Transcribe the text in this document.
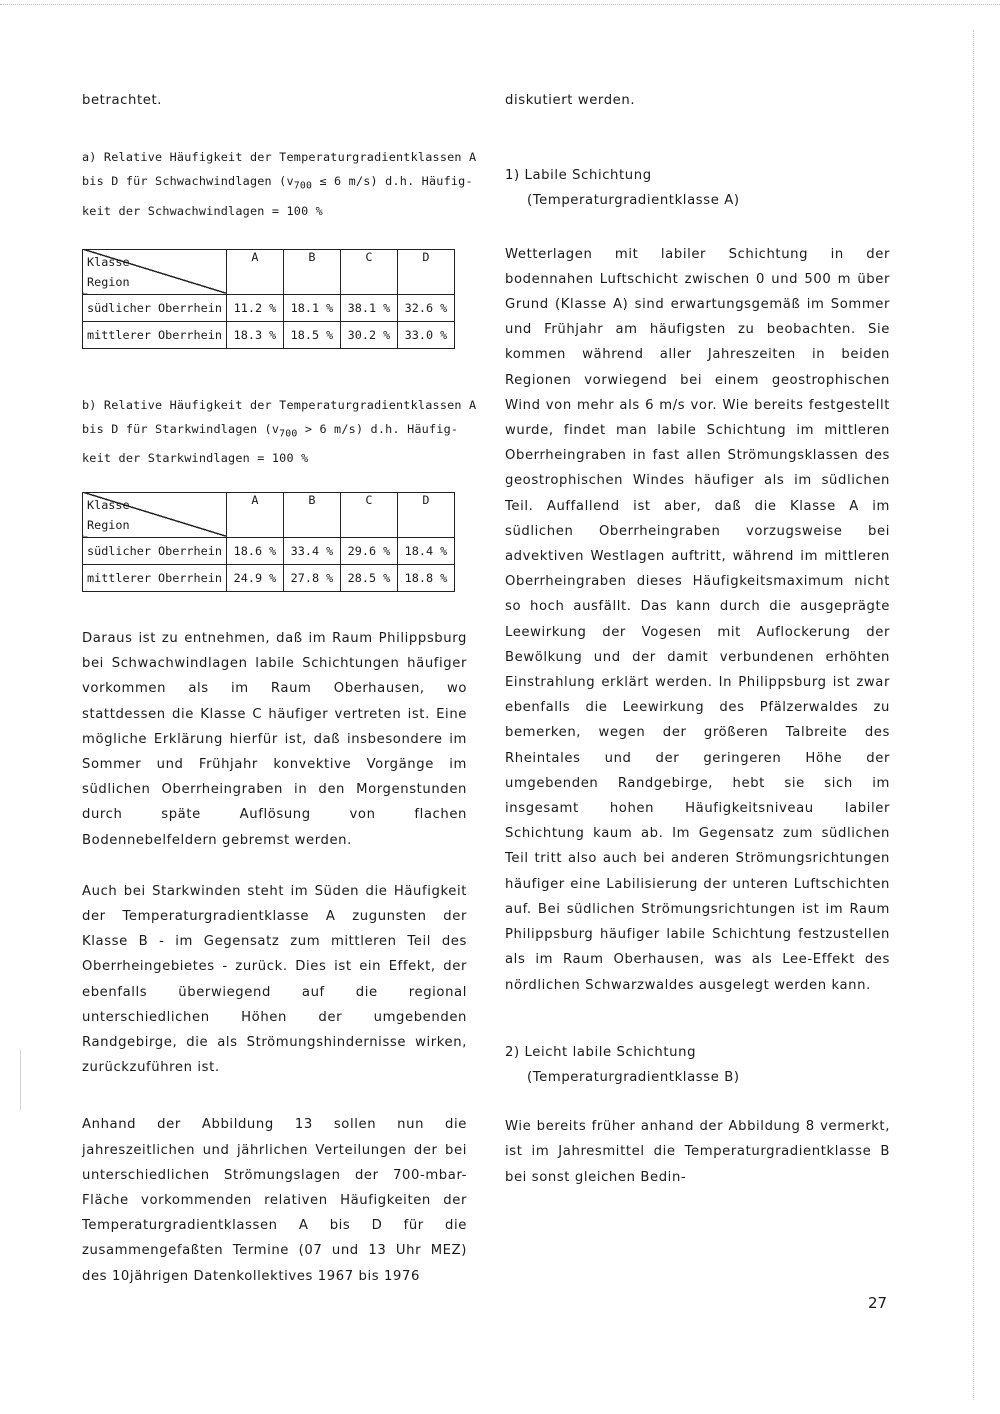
betrachtet.

a) Relative Häufigkeit der Temperaturgradientklassen A
bis D für Schwachwindlagen ($v_{700} \le 6$ m/s) d.h. Häufig-
keit der Schwachwindlagen = 100 %
Klasse
Region	A	B	C	D
südlicher Oberrhein	11.2 %	18.1 %	38.1 %	32.6 %
mittlerer Oberrhein	18.3 %	18.5 %	30.2 %	33.0 %
b) Relative Häufigkeit der Temperaturgradientklassen A
bis D für Starkwindlagen ($v_{700} > 6$ m/s) d.h. Häufig-
keit der Starkwindlagen = 100 %
Klasse
Region	A	B	C	D
südlicher Oberrhein	18.6 %	33.4 %	29.6 %	18.4 %
mittlerer Oberrhein	24.9 %	27.8 %	28.5 %	18.8 %

Daraus ist zu entnehmen, daß im Raum Philippsburg bei Schwachwindlagen labile Schichtungen häufiger vorkommen als im Raum Oberhausen, wo stattdessen die Klasse C häufiger vertreten ist. Eine mögliche Erklärung hierfür ist, daß insbesondere im Sommer und Frühjahr konvektive Vorgänge im südlichen Oberrheingraben in den Morgenstunden durch späte Auflösung von flachen Bodennebelfeldern gebremst werden.

Auch bei Starkwinden steht im Süden die Häufigkeit der Temperaturgradientklasse A zugunsten der Klasse B - im Gegensatz zum mittleren Teil des Oberrheingebietes - zurück. Dies ist ein Effekt, der ebenfalls überwiegend auf die regional unterschiedlichen Höhen der umgebenden Randgebirge, die als Strömungshindernisse wirken, zurückzuführen ist.

Anhand der Abbildung 13 sollen nun die jahreszeitlichen und jährlichen Verteilungen der bei unterschiedlichen Strömungslagen der 700-mbar-Fläche vorkommenden relativen Häufigkeiten der Temperaturgradientklassen A bis D für die zusammengefaßten Termine (07 und 13 Uhr MEZ) des 10jährigen Datenkollektives 1967 bis 1976

diskutiert werden.

1) Labile Schichtung

(Temperaturgradientklasse A)

Wetterlagen mit labiler Schichtung in der bodennahen Luftschicht zwischen 0 und 500 m über Grund (Klasse A) sind erwartungsgemäß im Sommer und Frühjahr am häufigsten zu beobachten. Sie kommen während aller Jahreszeiten in beiden Regionen vorwiegend bei einem geostrophischen Wind von mehr als 6 m/s vor. Wie bereits festgestellt wurde, findet man labile Schichtung im mittleren Oberrheingraben in fast allen Strömungsklassen des geostrophischen Windes häufiger als im südlichen Teil. Auffallend ist aber, daß die Klasse A im südlichen Oberrheingraben vorzugsweise bei advektiven Westlagen auftritt, während im mittleren Oberrheingraben dieses Häufigkeitsmaximum nicht so hoch ausfällt. Das kann durch die ausgeprägte Leewirkung der Vogesen mit Auflockerung der Bewölkung und der damit verbundenen erhöhten Einstrahlung erklärt werden. In Philippsburg ist zwar ebenfalls die Leewirkung des Pfälzerwaldes zu bemerken, wegen der größeren Talbreite des Rheintales und der geringeren Höhe der umgebenden Randgebirge, hebt sie sich im insgesamt hohen Häufigkeitsniveau labiler Schichtung kaum ab. Im Gegensatz zum südlichen Teil tritt also auch bei anderen Strömungsrichtungen häufiger eine Labilisierung der unteren Luftschichten auf. Bei südlichen Strömungsrichtungen ist im Raum Philippsburg häufiger labile Schichtung festzustellen als im Raum Oberhausen, was als Lee-Effekt des nördlichen Schwarzwaldes ausgelegt werden kann.

2) Leicht labile Schichtung

(Temperaturgradientklasse B)

Wie bereits früher anhand der Abbildung 8 vermerkt, ist im Jahresmittel die Temperaturgradientklasse B bei sonst gleichen Bedin-

27
